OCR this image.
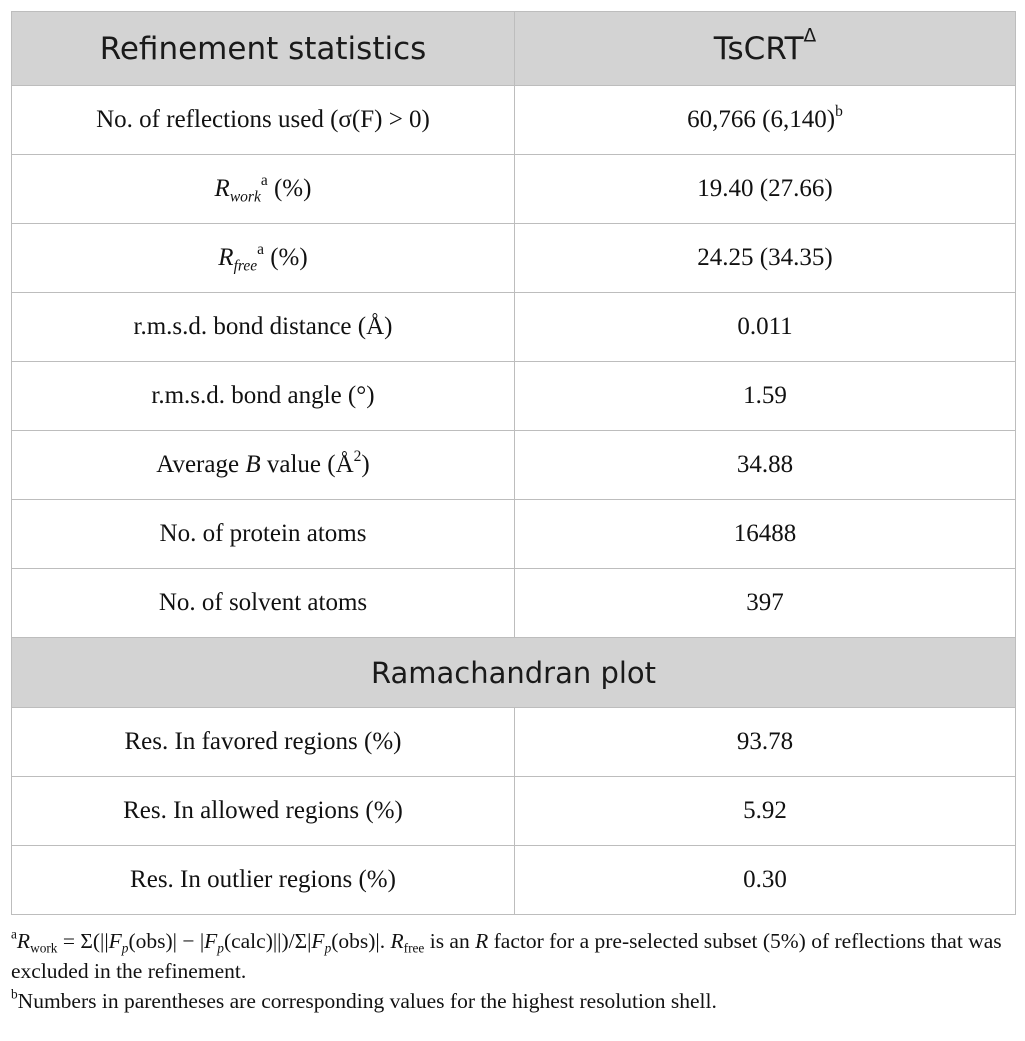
Refinement statistics	TsCRT$^\Delta$
No. of reflections used (σ(F) > 0)	60,766 $(6,140)^b$
$R_{work}^a$ (%)	19.40 (27.66)
$R_{free}^a$ (%)	24.25 (34.35)
r.m.s.d. bond distance (Å)	0.011
r.m.s.d. bond angle (°)	1.59
Average B value $(Å^2)$	34.88
No. of protein atoms	16488
No. of solvent atoms	397
Ramachandran plot	
Res. In favored regions (%)	93.78
Res. In allowed regions (%)	5.92
Res. In outlier regions (%)	0.30

$^aR_{work} = \Sigma(||F_p(obs)|$ − $|F_p(calc)||)/\Sigma|F_p(obs)|$. $R_{free}$ is an R factor for a pre-selected subset (5%) of reflections that was excluded in the refinement.

$^b$Numbers in parentheses are corresponding values for the highest resolution shell.
